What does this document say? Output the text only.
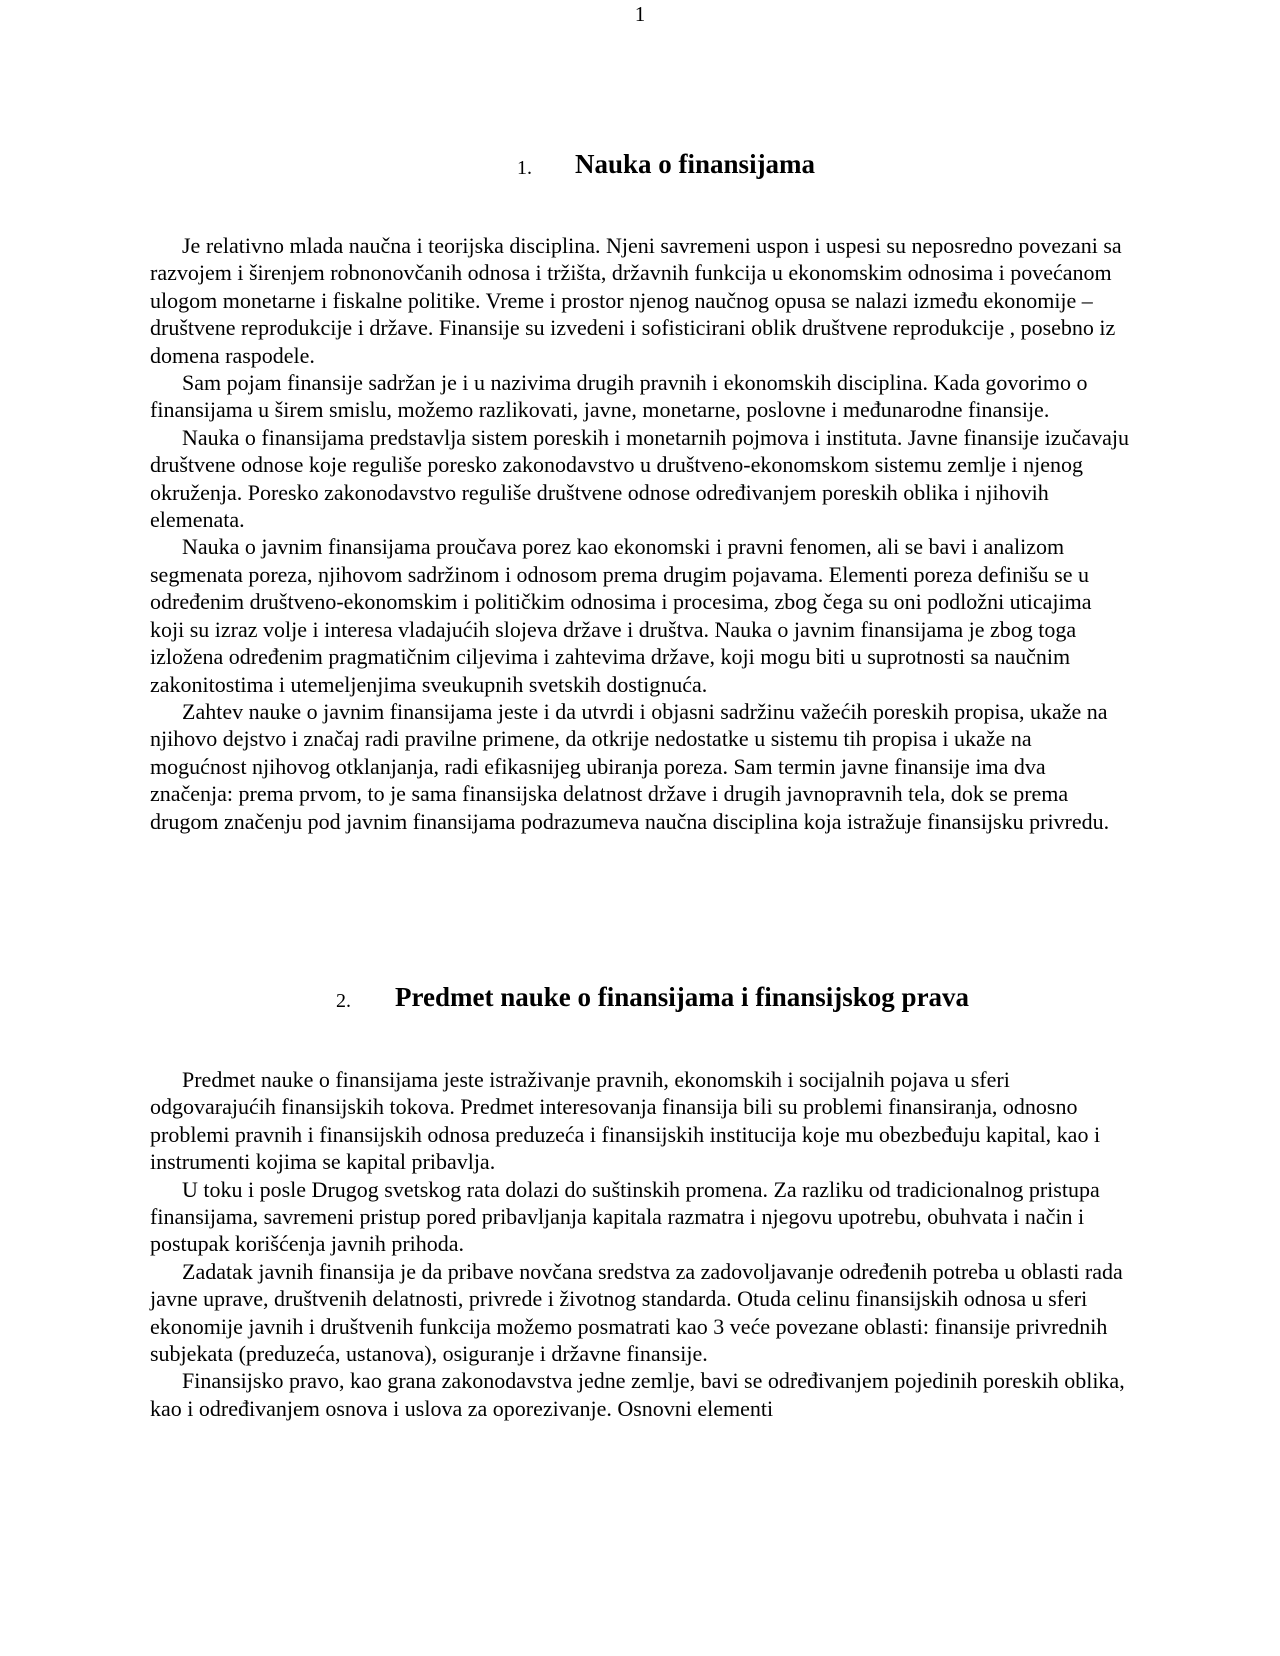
1
1. Nauka o finansijama

Je relativno mlada naučna i teorijska disciplina. Njeni savremeni uspon i uspesi su neposredno povezani sa razvojem i širenjem robnonovčanih odnosa i tržišta, državnih funkcija u ekonomskim odnosima i povećanom ulogom monetarne i fiskalne politike. Vreme i prostor njenog naučnog opusa se nalazi između ekonomije – društvene reprodukcije i države. Finansije su izvedeni i sofisticirani oblik društvene reprodukcije , posebno iz domena raspodele.

Sam pojam finansije sadržan je i u nazivima drugih pravnih i ekonomskih disciplina. Kada govorimo o finansijama u širem smislu, možemo razlikovati, javne, monetarne, poslovne i međunarodne finansije.

Nauka o finansijama predstavlja sistem poreskih i monetarnih pojmova i instituta. Javne finansije izučavaju društvene odnose koje reguliše poresko zakonodavstvo u društveno-ekonomskom sistemu zemlje i njenog okruženja. Poresko zakonodavstvo reguliše društvene odnose određivanjem poreskih oblika i njihovih elemenata.

Nauka o javnim finansijama proučava porez kao ekonomski i pravni fenomen, ali se bavi i analizom segmenata poreza, njihovom sadržinom i odnosom prema drugim pojavama. Elementi poreza definišu se u određenim društveno-ekonomskim i političkim odnosima i procesima, zbog čega su oni podložni uticajima koji su izraz volje i interesa vladajućih slojeva države i društva. Nauka o javnim finansijama je zbog toga izložena određenim pragmatičnim ciljevima i zahtevima države, koji mogu biti u suprotnosti sa naučnim zakonitostima i utemeljenjima sveukupnih svetskih dostignuća.

Zahtev nauke o javnim finansijama jeste i da utvrdi i objasni sadržinu važećih poreskih propisa, ukaže na njihovo dejstvo i značaj radi pravilne primene, da otkrije nedostatke u sistemu tih propisa i ukaže na mogućnost njihovog otklanjanja, radi efikasnijeg ubiranja poreza. Sam termin javne finansije ima dva značenja: prema prvom, to je sama finansijska delatnost države i drugih javnopravnih tela, dok se prema drugom značenju pod javnim finansijama podrazumeva naučna disciplina koja istražuje finansijsku privredu.

2. Predmet nauke o finansijama i finansijskog prava

Predmet nauke o finansijama jeste istraživanje pravnih, ekonomskih i socijalnih pojava u sferi odgovarajućih finansijskih tokova. Predmet interesovanja finansija bili su problemi finansiranja, odnosno problemi pravnih i finansijskih odnosa preduzeća i finansijskih institucija koje mu obezbeđuju kapital, kao i instrumenti kojima se kapital pribavlja.

U toku i posle Drugog svetskog rata dolazi do suštinskih promena. Za razliku od tradicionalnog pristupa finansijama, savremeni pristup pored pribavljanja kapitala razmatra i njegovu upotrebu, obuhvata i način i postupak korišćenja javnih prihoda.

Zadatak javnih finansija je da pribave novčana sredstva za zadovoljavanje određenih potreba u oblasti rada javne uprave, društvenih delatnosti, privrede i životnog standarda. Otuda celinu finansijskih odnosa u sferi ekonomije javnih i društvenih funkcija možemo posmatrati kao 3 veće povezane oblasti: finansije privrednih subjekata (preduzeća, ustanova), osiguranje i državne finansije.

Finansijsko pravo, kao grana zakonodavstva jedne zemlje, bavi se određivanjem pojedinih poreskih oblika, kao i određivanjem osnova i uslova za oporezivanje. Osnovni elementi
